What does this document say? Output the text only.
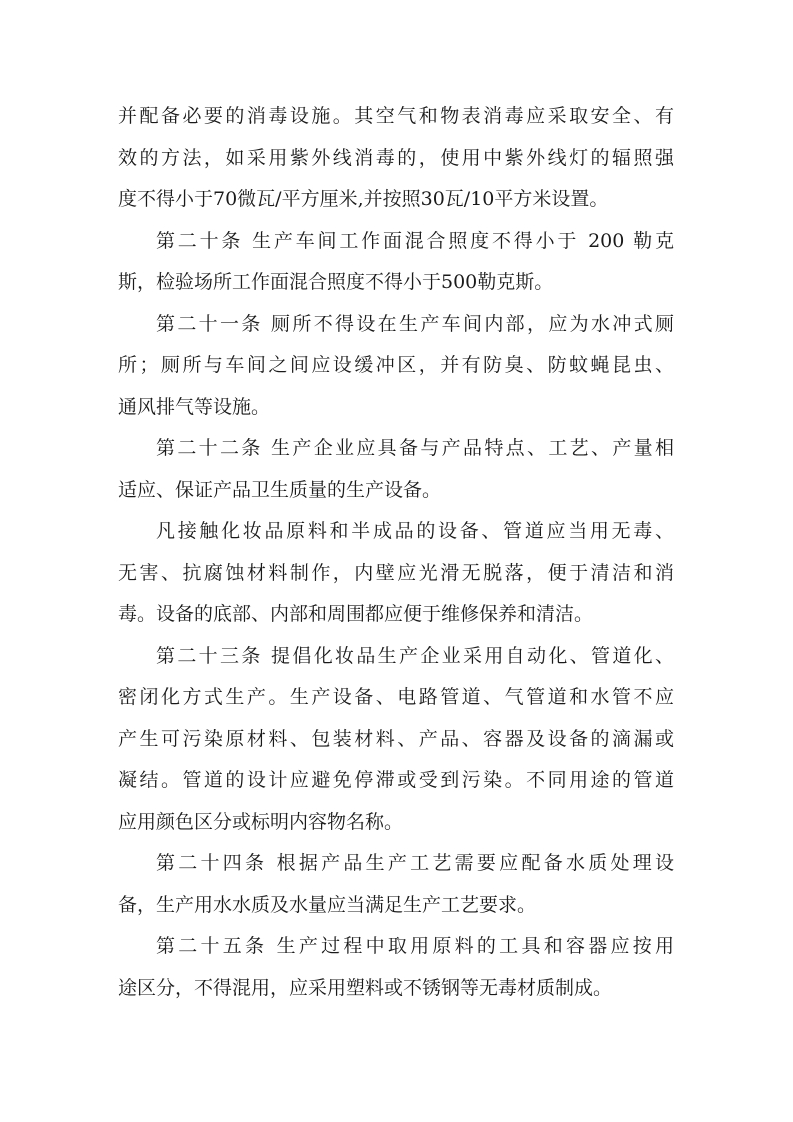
并配备必要的消毒设施。其空气和物表消毒应采取安全、有
效的方法，如采用紫外线消毒的，使用中紫外线灯的辐照强
度不得小于70微瓦/平方厘米,并按照30瓦/10平方米设置。
第二十条 生产车间工作面混合照度不得小于 200 勒克
斯，检验场所工作面混合照度不得小于500勒克斯。
第二十一条 厕所不得设在生产车间内部，应为水冲式厕
所；厕所与车间之间应设缓冲区，并有防臭、防蚊蝇昆虫、
通风排气等设施。
第二十二条 生产企业应具备与产品特点、工艺、产量相
适应、保证产品卫生质量的生产设备。
凡接触化妆品原料和半成品的设备、管道应当用无毒、
无害、抗腐蚀材料制作，内壁应光滑无脱落，便于清洁和消
毒。设备的底部、内部和周围都应便于维修保养和清洁。
第二十三条 提倡化妆品生产企业采用自动化、管道化、
密闭化方式生产。生产设备、电路管道、气管道和水管不应
产生可污染原材料、包装材料、产品、容器及设备的滴漏或
凝结。管道的设计应避免停滞或受到污染。不同用途的管道
应用颜色区分或标明内容物名称。
第二十四条 根据产品生产工艺需要应配备水质处理设
备，生产用水水质及水量应当满足生产工艺要求。
第二十五条 生产过程中取用原料的工具和容器应按用
途区分，不得混用，应采用塑料或不锈钢等无毒材质制成。
